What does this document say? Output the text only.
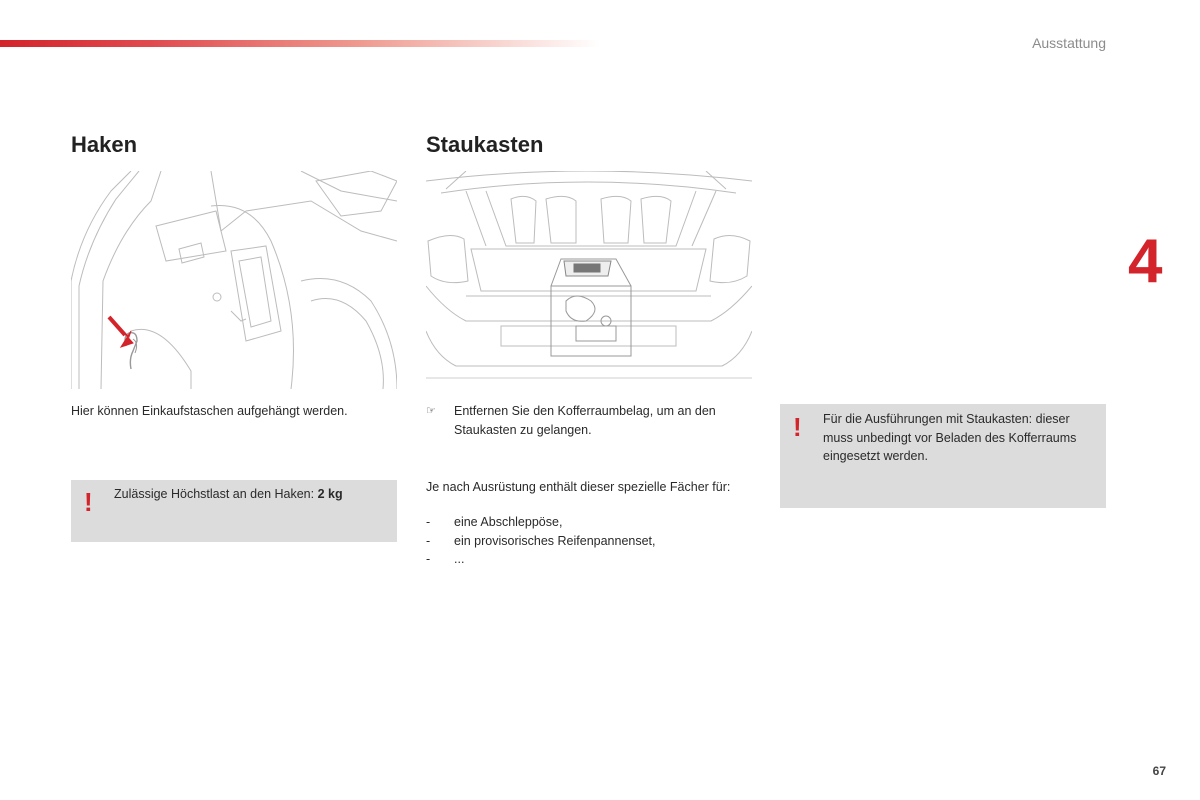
Ausstattung
4
Haken
Hier können Einkaufstaschen aufgehängt werden.
! Zulässige Höchstlast an den Haken: 2 kg
Staukasten
☞ Entfernen Sie den Kofferraumbelag, um an den Staukasten zu gelangen.
Je nach Ausrüstung enthält dieser spezielle Fächer für:
- eine Abschleppöse,
- ein provisorisches Reifenpannenset,
- ...
! Für die Ausführungen mit Staukasten: dieser muss unbedingt vor Beladen des Kofferraums eingesetzt werden.
67
